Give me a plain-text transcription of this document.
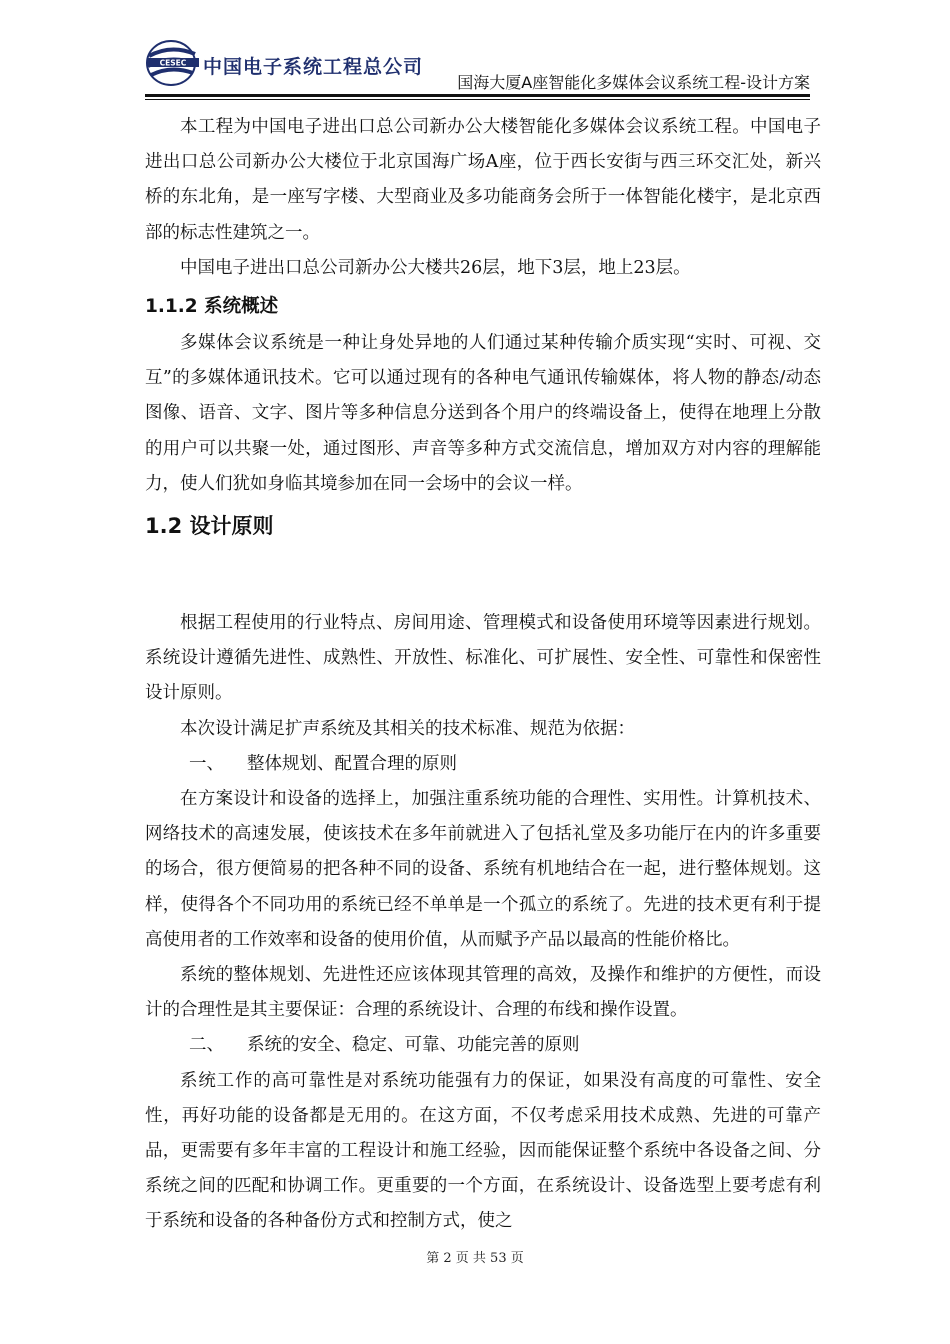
CESEC 中国电子系统工程总公司
国海大厦A座智能化多媒体会议系统工程-设计方案

本工程为中国电子进出口总公司新办公大楼智能化多媒体会议系统工程。中国电子进出口总公司新办公大楼位于北京国海广场A座，位于西长安街与西三环交汇处，新兴桥的东北角，是一座写字楼、大型商业及多功能商务会所于一体智能化楼宇，是北京西部的标志性建筑之一。

中国电子进出口总公司新办公大楼共26层，地下3层，地上23层。

1.1.2 系统概述

多媒体会议系统是一种让身处异地的人们通过某种传输介质实现“实时、可视、交互”的多媒体通讯技术。它可以通过现有的各种电气通讯传输媒体，将人物的静态/动态图像、语音、文字、图片等多种信息分送到各个用户的终端设备上，使得在地理上分散的用户可以共聚一处，通过图形、声音等多种方式交流信息，增加双方对内容的理解能力，使人们犹如身临其境参加在同一会场中的会议一样。

1.2 设计原则

根据工程使用的行业特点、房间用途、管理模式和设备使用环境等因素进行规划。系统设计遵循先进性、成熟性、开放性、标准化、可扩展性、安全性、可靠性和保密性设计原则。

本次设计满足扩声系统及其相关的技术标准、规范为依据：

一、 整体规划、配置合理的原则

在方案设计和设备的选择上，加强注重系统功能的合理性、实用性。计算机技术、网络技术的高速发展，使该技术在多年前就进入了包括礼堂及多功能厅在内的许多重要的场合，很方便简易的把各种不同的设备、系统有机地结合在一起，进行整体规划。这样，使得各个不同功用的系统已经不单单是一个孤立的系统了。先进的技术更有利于提高使用者的工作效率和设备的使用价值，从而赋予产品以最高的性能价格比。

系统的整体规划、先进性还应该体现其管理的高效，及操作和维护的方便性，而设计的合理性是其主要保证：合理的系统设计、合理的布线和操作设置。

二、 系统的安全、稳定、可靠、功能完善的原则

系统工作的高可靠性是对系统功能强有力的保证，如果没有高度的可靠性、安全性，再好功能的设备都是无用的。在这方面，不仅考虑采用技术成熟、先进的可靠产品，更需要有多年丰富的工程设计和施工经验，因而能保证整个系统中各设备之间、分系统之间的匹配和协调工作。更重要的一个方面，在系统设计、设备选型上要考虑有利于系统和设备的各种备份方式和控制方式，使之

第 2 页 共 53 页
